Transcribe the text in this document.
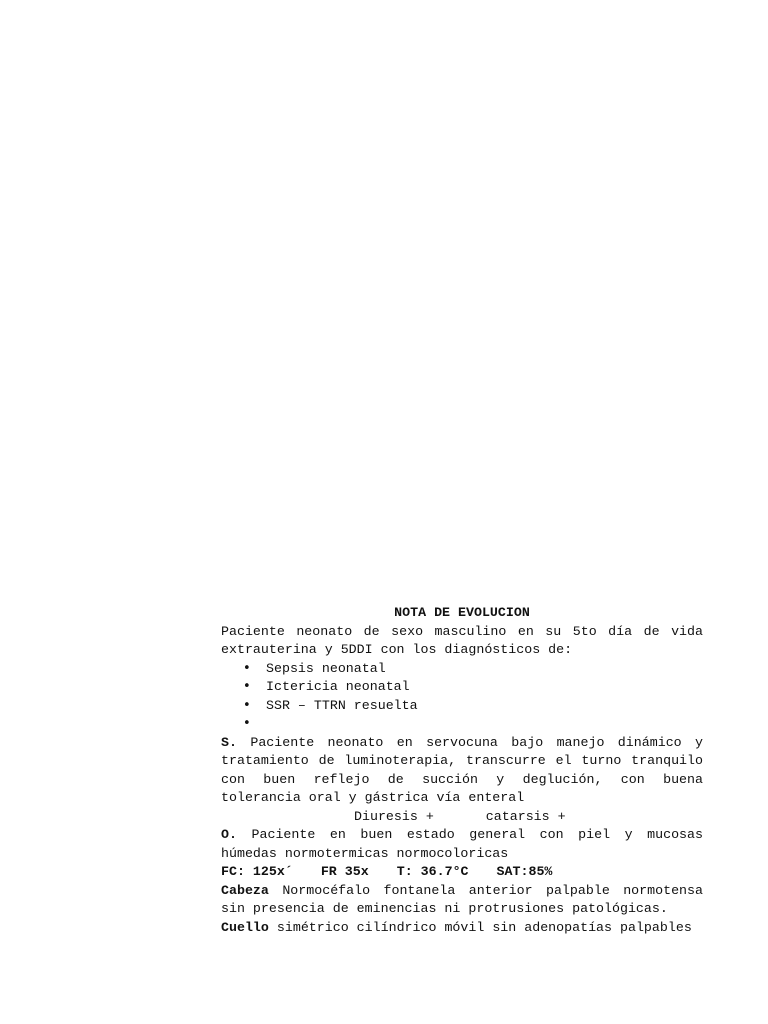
NOTA DE EVOLUCION

Paciente neonato de sexo masculino en su 5to día de vida extrauterina y 5DDI con los diagnósticos de:

• Sepsis neonatal
• Ictericia neonatal
• SSR – TTRN resuelta
•

S. Paciente neonato en servocuna bajo manejo dinámico y tratamiento de luminoterapia, transcurre el turno tranquilo con buen reflejo de succión y deglución, con buena tolerancia oral y gástrica vía enteral

Diuresis +	catarsis +

O. Paciente en buen estado general con piel y mucosas húmedas normotermicas normocoloricas

FC: 125x´ FR 35x T: 36.7°C SAT:85%

Cabeza Normocéfalo fontanela anterior palpable normotensa sin presencia de eminencias ni protrusiones patológicas.

Cuello simétrico cilíndrico móvil sin adenopatías palpables
